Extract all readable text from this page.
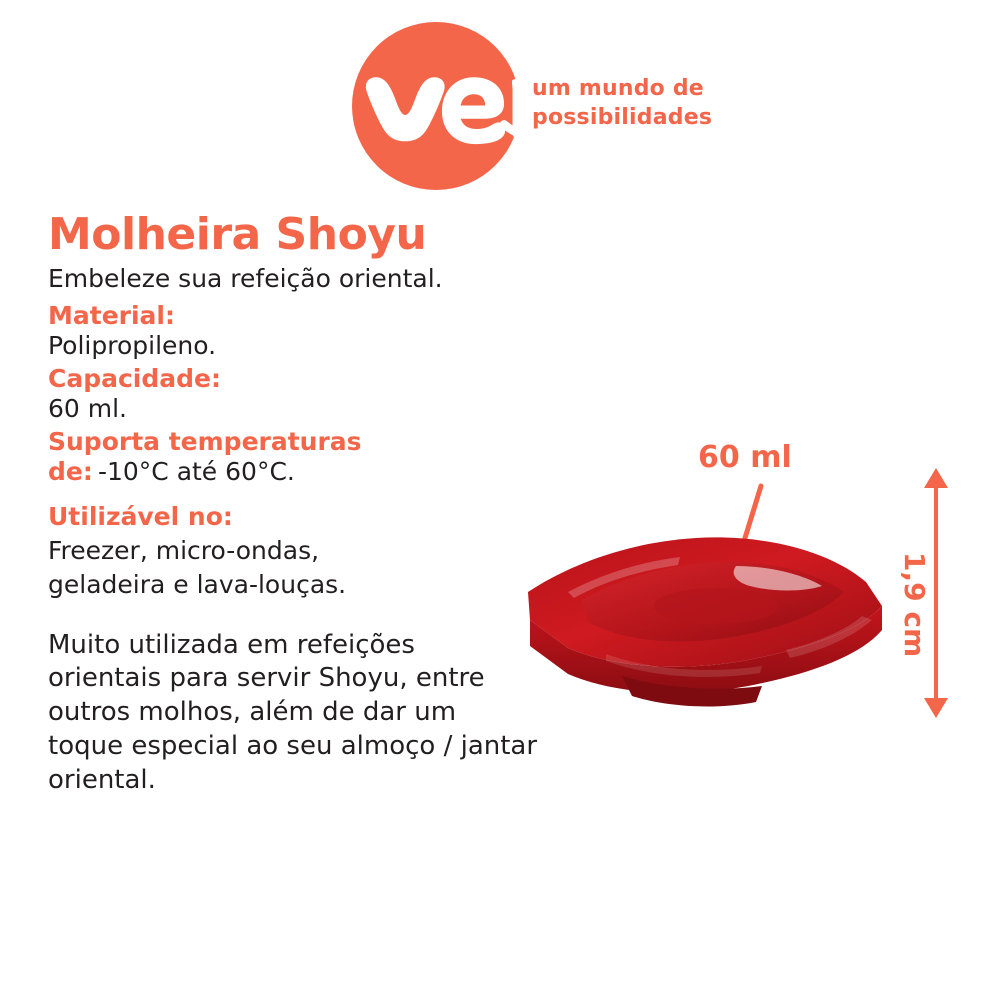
um mundo de
possibilidades
Molheira Shoyu

Embeleze sua refeição oriental.

Material:

Polipropileno.

Capacidade:

60 ml.

Suporta temperaturas

de: -10°C até 60°C.

Utilizável no:

Freezer, micro-ondas,

geladeira e lava-louças.

Muito utilizada em refeições
orientais para servir Shoyu, entre
outros molhos, além de dar um
toque especial ao seu almoço / jantar
oriental.
60 ml
1,9 cm
